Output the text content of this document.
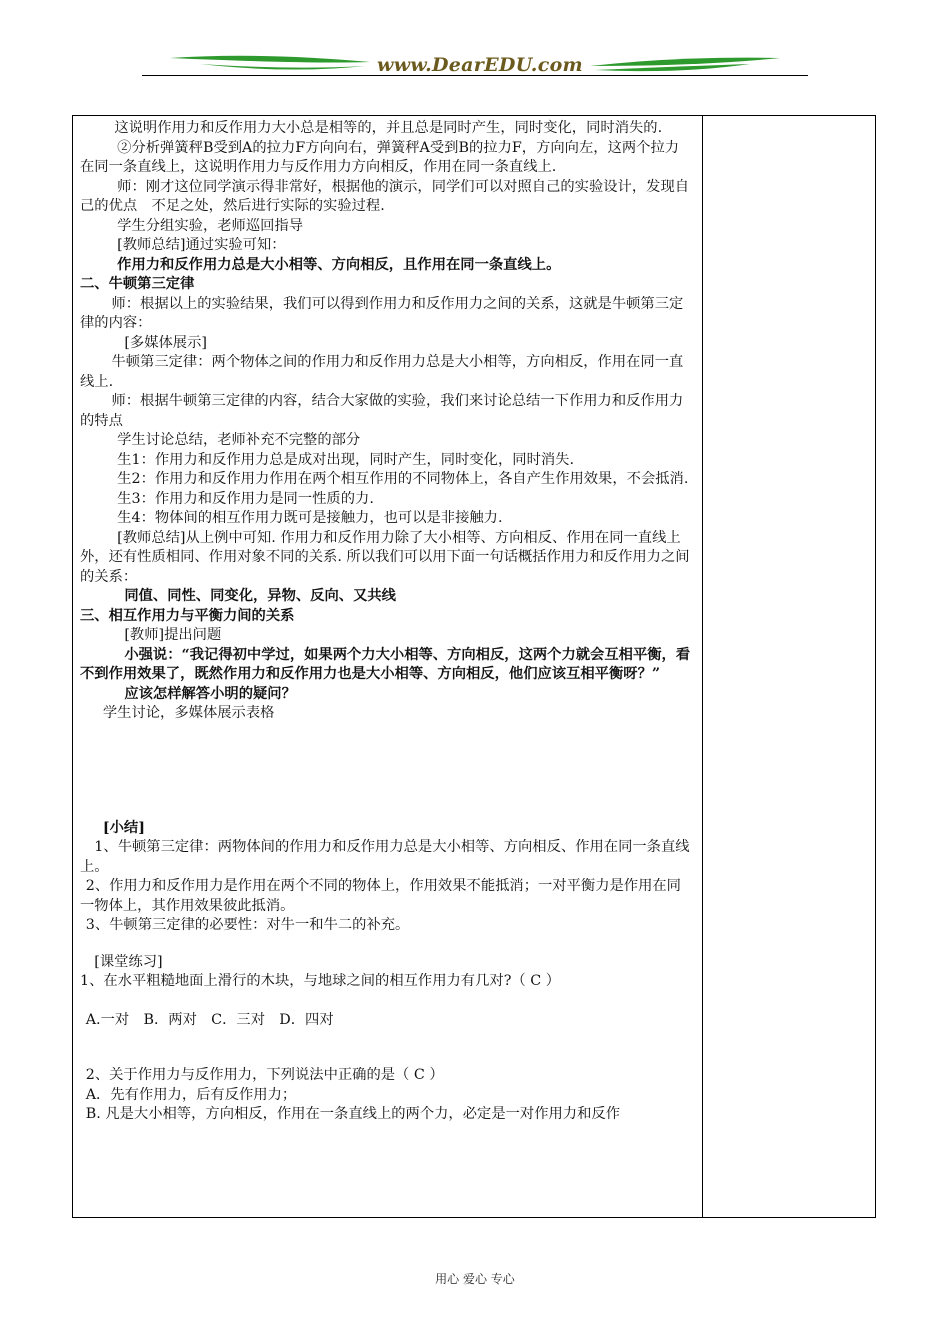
www.DearEDU.com

这说明作用力和反作用力大小总是相等的，并且总是同时产生，同时变化，同时消失的.

②分析弹簧秤B受到A的拉力F方向向右，弹簧秤A受到B的拉力F，方向向左，这两个拉力在同一条直线上，这说明作用力与反作用力方向相反，作用在同一条直线上.

师：刚才这位同学演示得非常好，根据他的演示，同学们可以对照自己的实验设计，发现自己的优点　不足之处，然后进行实际的实验过程.

学生分组实验，老师巡回指导

[教师总结]通过实验可知：

作用力和反作用力总是大小相等、方向相反，且作用在同一条直线上。

二、牛顿第三定律

师：根据以上的实验结果，我们可以得到作用力和反作用力之间的关系，这就是牛顿第三定律的内容：

[多媒体展示]

牛顿第三定律：两个物体之间的作用力和反作用力总是大小相等，方向相反，作用在同一直线上.

师：根据牛顿第三定律的内容，结合大家做的实验，我们来讨论总结一下作用力和反作用力的特点

学生讨论总结，老师补充不完整的部分

生1：作用力和反作用力总是成对出现，同时产生，同时变化，同时消失.

生2：作用力和反作用力作用在两个相互作用的不同物体上，各自产生作用效果，不会抵消.

生3：作用力和反作用力是同一性质的力.

生4：物体间的相互作用力既可是接触力，也可以是非接触力.

[教师总结]从上例中可知. 作用力和反作用力除了大小相等、方向相反、作用在同一直线上外，还有性质相同、作用对象不同的关系. 所以我们可以用下面一句话概括作用力和反作用力之间的关系：

同值、同性、同变化，异物、反向、又共线

三、相互作用力与平衡力间的关系

[教师]提出问题

小强说：“我记得初中学过，如果两个力大小相等、方向相反，这两个力就会互相平衡，看不到作用效果了，既然作用力和反作用力也是大小相等、方向相反，他们应该互相平衡呀？”

应该怎样解答小明的疑问？

学生讨论，多媒体展示表格

[小结]

1、牛顿第三定律：两物体间的作用力和反作用力总是大小相等、方向相反、作用在同一条直线上。

2、作用力和反作用力是作用在两个不同的物体上，作用效果不能抵消；一对平衡力是作用在同一物体上，其作用效果彼此抵消。

3、牛顿第三定律的必要性：对牛一和牛二的补充。

[课堂练习]

1、在水平粗糙地面上滑行的木块，与地球之间的相互作用力有几对?（ C ）

A.一对　B．两对　C．三对　D．四对

2、关于作用力与反作用力，下列说法中正确的是（ C ）

A．先有作用力，后有反作用力；

B. 凡是大小相等，方向相反，作用在一条直线上的两个力，必定是一对作用力和反作

用心 爱心 专心
